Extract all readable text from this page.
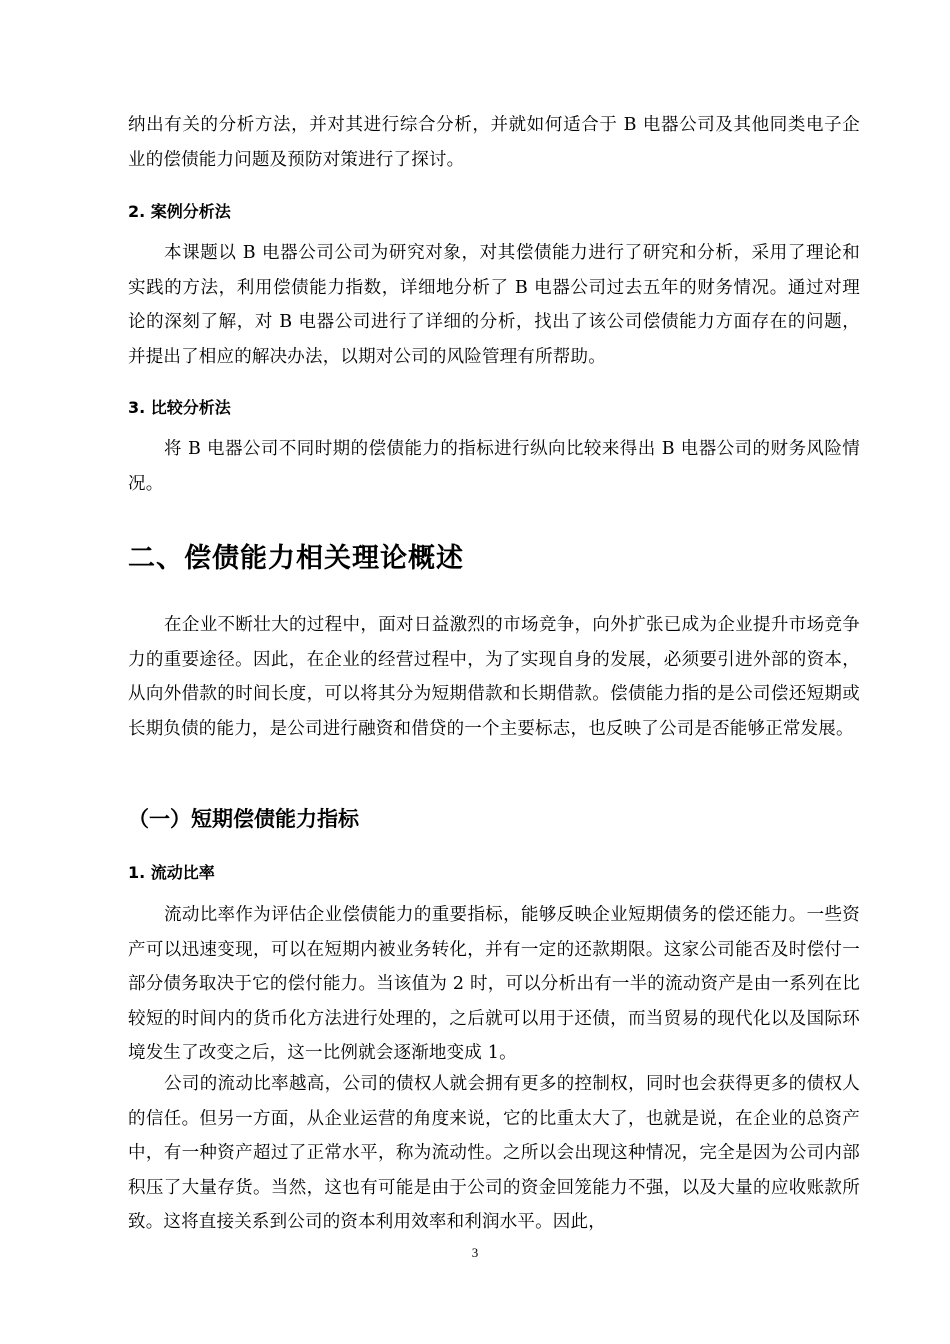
纳出有关的分析方法，并对其进行综合分析，并就如何适合于 B 电器公司及其他同类电子企业的偿债能力问题及预防对策进行了探讨。

2. 案例分析法

本课题以 B 电器公司公司为研究对象，对其偿债能力进行了研究和分析，采用了理论和实践的方法，利用偿债能力指数，详细地分析了 B 电器公司过去五年的财务情况。通过对理论的深刻了解，对 B 电器公司进行了详细的分析，找出了该公司偿债能力方面存在的问题，并提出了相应的解决办法，以期对公司的风险管理有所帮助。

3. 比较分析法

将 B 电器公司不同时期的偿债能力的指标进行纵向比较来得出 B 电器公司的财务风险情况。

二、偿债能力相关理论概述

在企业不断壮大的过程中，面对日益激烈的市场竞争，向外扩张已成为企业提升市场竞争力的重要途径。因此，在企业的经营过程中，为了实现自身的发展，必须要引进外部的资本，从向外借款的时间长度，可以将其分为短期借款和长期借款。偿债能力指的是公司偿还短期或长期负债的能力，是公司进行融资和借贷的一个主要标志，也反映了公司是否能够正常发展。

（一）短期偿债能力指标
1. 流动比率

流动比率作为评估企业偿债能力的重要指标，能够反映企业短期债务的偿还能力。一些资产可以迅速变现，可以在短期内被业务转化，并有一定的还款期限。这家公司能否及时偿付一部分债务取决于它的偿付能力。当该值为 2 时，可以分析出有一半的流动资产是由一系列在比较短的时间内的货币化方法进行处理的，之后就可以用于还债，而当贸易的现代化以及国际环境发生了改变之后，这一比例就会逐渐地变成 1。

公司的流动比率越高，公司的债权人就会拥有更多的控制权，同时也会获得更多的债权人的信任。但另一方面，从企业运营的角度来说，它的比重太大了，也就是说，在企业的总资产中，有一种资产超过了正常水平，称为流动性。之所以会出现这种情况，完全是因为公司内部积压了大量存货。当然，这也有可能是由于公司的资金回笼能力不强，以及大量的应收账款所致。这将直接关系到公司的资本利用效率和利润水平。因此，

3
